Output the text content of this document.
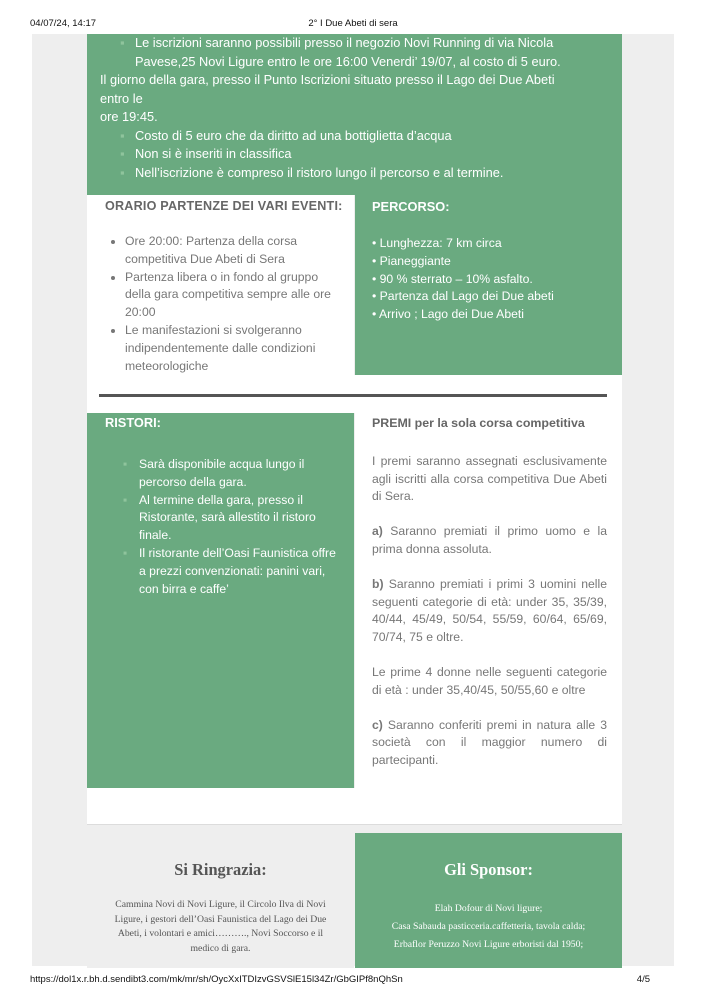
04/07/24, 14:17	2° I Due Abeti di sera
▪ Le iscrizioni saranno possibili presso il negozio Novi Running di via Nicola
Pavese,25 Novi Ligure entro le ore 16:00 Venerdi’ 19/07, al costo di 5 euro.
Il giorno della gara, presso il Punto Iscrizioni situato presso il Lago dei Due Abeti
entro le
ore 19:45.
▪ Costo di 5 euro che da diritto ad una bottiglietta d’acqua
▪ Non si è inseriti in classifica
▪ Nell’iscrizione è compreso il ristoro lungo il percorso e al termine.
ORARIO PARTENZE DEI VARI EVENTI:
• Ore 20:00: Partenza della corsa competitiva Due Abeti di Sera
• Partenza libera o in fondo al gruppo della gara competitiva sempre alle ore 20:00
• Le manifestazioni si svolgeranno indipendentemente dalle condizioni meteorologiche
PERCORSO:
• Lunghezza: 7 km circa
• Pianeggiante
• 90 % sterrato – 10% asfalto.
• Partenza dal Lago dei Due abeti
• Arrivo ; Lago dei Due Abeti
RISTORI:
▪ Sarà disponibile acqua lungo il percorso della gara.
▪ Al termine della gara, presso il Ristorante, sarà allestito il ristoro finale.
▪ Il ristorante dell’Oasi Faunistica offre a prezzi convenzionati: panini vari, con birra e caffe’
PREMI per la sola corsa competitiva

I premi saranno assegnati esclusivamente agli iscritti alla corsa competitiva Due Abeti di Sera.

a) Saranno premiati il primo uomo e la prima donna assoluta.

b) Saranno premiati i primi 3 uomini nelle seguenti categorie di età: under 35, 35/39, 40/44, 45/49, 50/54, 55/59, 60/64, 65/69, 70/74, 75 e oltre.

Le prime 4 donne nelle seguenti categorie di età : under 35,40/45, 50/55,60 e oltre

c) Saranno conferiti premi in natura alle 3 società con il maggior numero di partecipanti.

Si Ringrazia:
Cammina Novi di Novi Ligure, il Circolo Ilva di Novi Ligure, i gestori dell’Oasi Faunistica del Lago dei Due Abeti, i volontari e amici………., Novi Soccorso e il medico di gara.
Gli Sponsor:
Elah Dofour di Novi ligure;
Casa Sabauda pasticceria.caffetteria, tavola calda;
Erbaflor Peruzzo Novi Ligure erboristi dal 1950;
https://dol1x.r.bh.d.sendibt3.com/mk/mr/sh/OycXxITDIzvGSVSlE15l34Zr/GbGIPf8nQhSn	4/5
